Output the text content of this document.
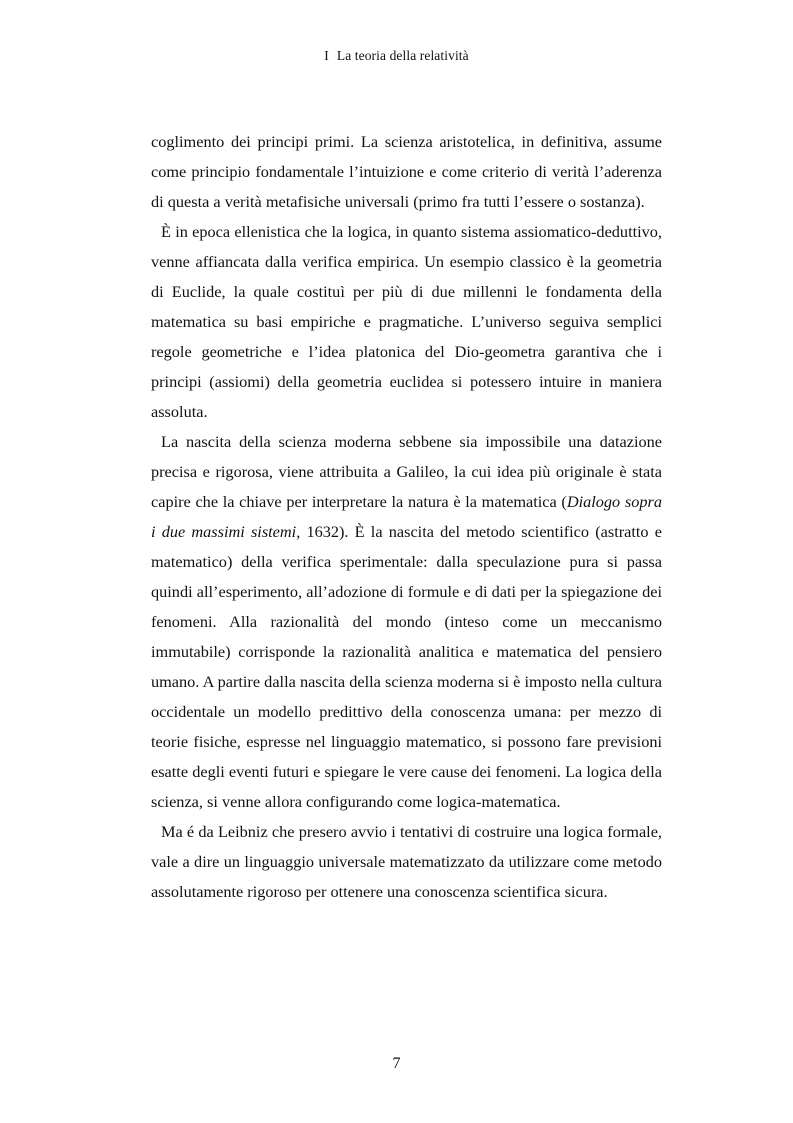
I La teoria della relatività

coglimento dei principi primi. La scienza aristotelica, in definitiva, assume come principio fondamentale l’intuizione e come criterio di verità l’aderenza di questa a verità metafisiche universali (primo fra tutti l’essere o sostanza).

È in epoca ellenistica che la logica, in quanto sistema assiomatico-deduttivo, venne affiancata dalla verifica empirica. Un esempio classico è la geometria di Euclide, la quale costituì per più di due millenni le fondamenta della matematica su basi empiriche e pragmatiche. L’universo seguiva semplici regole geometriche e l’idea platonica del Dio-geometra garantiva che i principi (assiomi) della geometria euclidea si potessero intuire in maniera assoluta.

La nascita della scienza moderna sebbene sia impossibile una datazione precisa e rigorosa, viene attribuita a Galileo, la cui idea più originale è stata capire che la chiave per interpretare la natura è la matematica (Dialogo sopra i due massimi sistemi, 1632). È la nascita del metodo scientifico (astratto e matematico) della verifica sperimentale: dalla speculazione pura si passa quindi all’esperimento, all’adozione di formule e di dati per la spiegazione dei fenomeni. Alla razionalità del mondo (inteso come un meccanismo immutabile) corrisponde la razionalità analitica e matematica del pensiero umano. A partire dalla nascita della scienza moderna si è imposto nella cultura occidentale un modello predittivo della conoscenza umana: per mezzo di teorie fisiche, espresse nel linguaggio matematico, si possono fare previsioni esatte degli eventi futuri e spiegare le vere cause dei fenomeni. La logica della scienza, si venne allora configurando come logica-matematica.

Ma é da Leibniz che presero avvio i tentativi di costruire una logica formale, vale a dire un linguaggio universale matematizzato da utilizzare come metodo assolutamente rigoroso per ottenere una conoscenza scientifica sicura.

7
